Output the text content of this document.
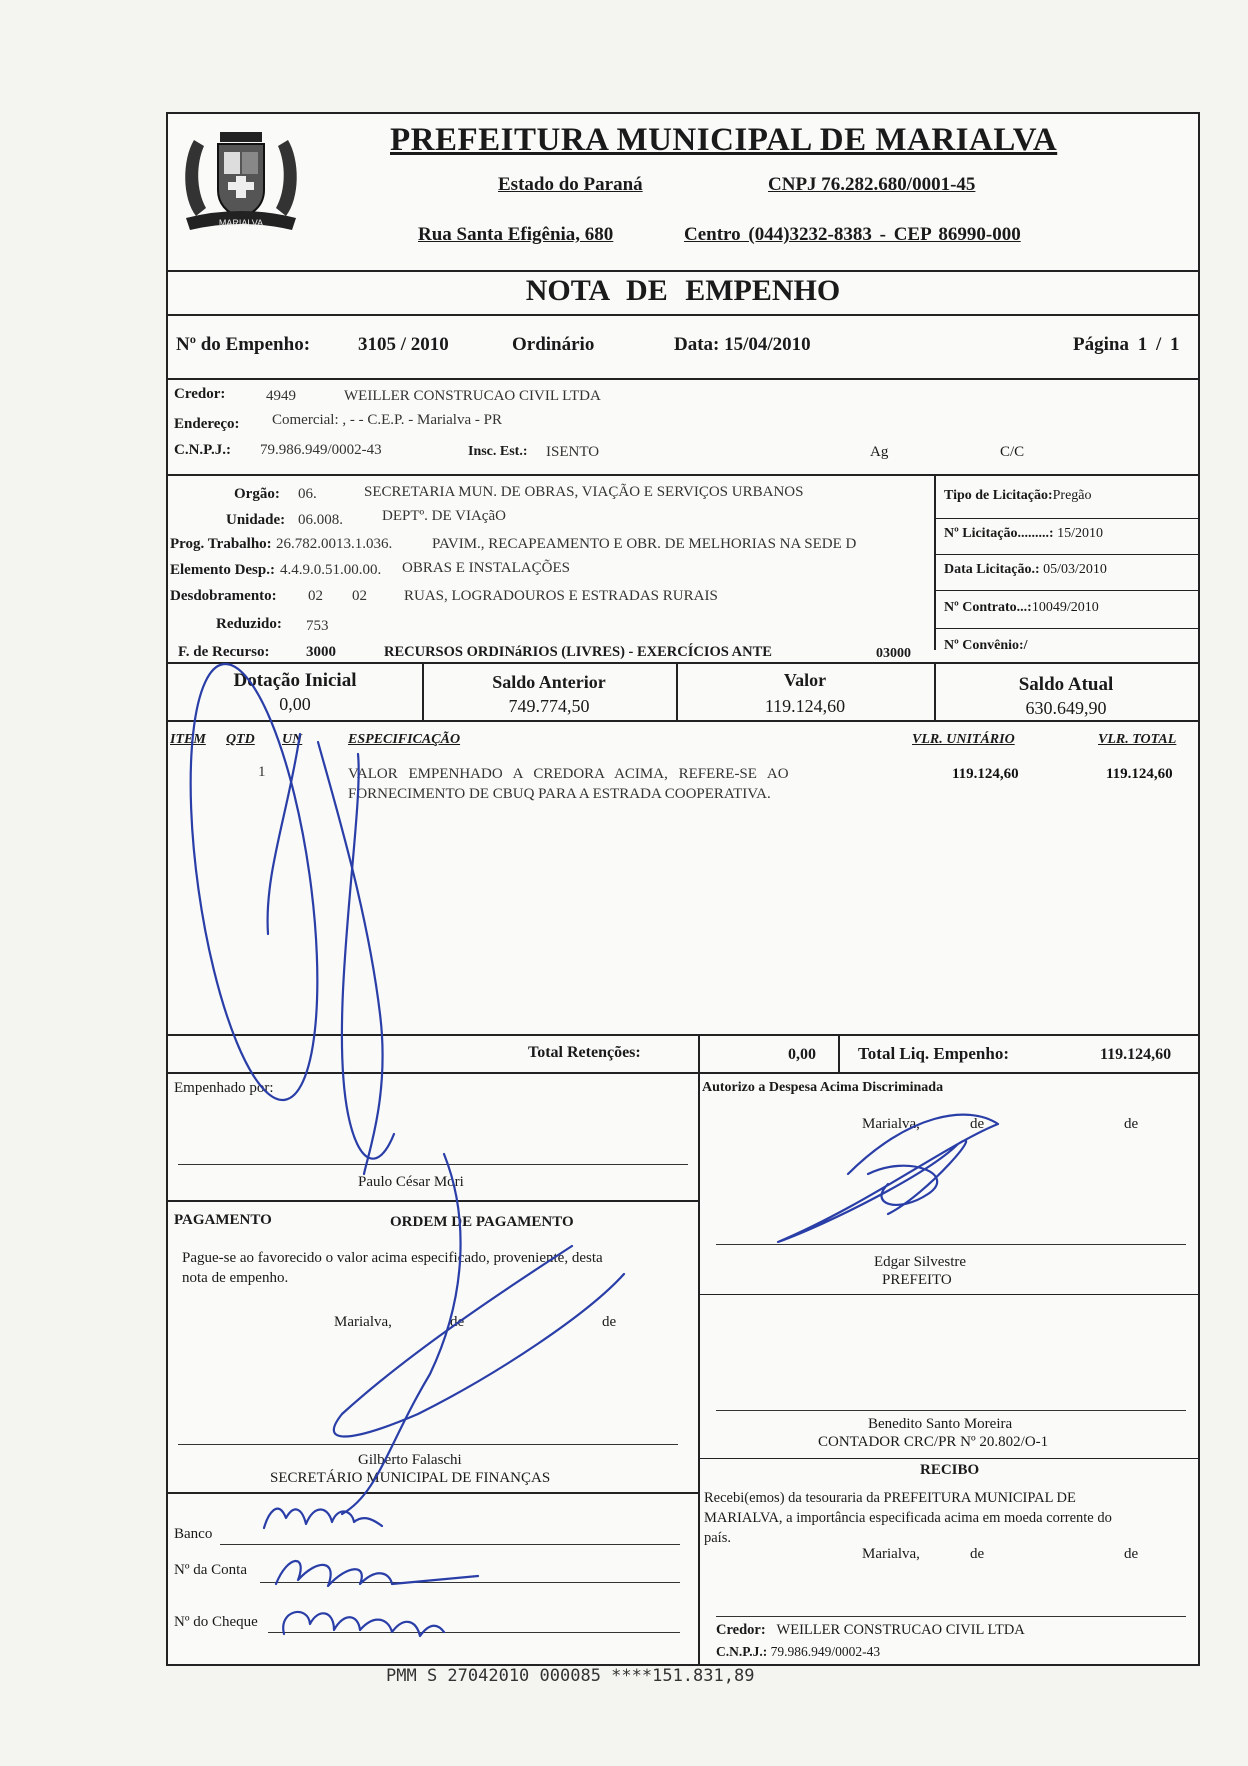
MARIALVA
PREFEITURA MUNICIPAL DE MARIALVA
Estado do Paraná	CNPJ 76.282.680/0001-45
Rua Santa Efigênia, 680	Centro (044)3232-8383 - CEP 86990-000
NOTA DE EMPENHO
Nº do Empenho:	3105 / 2010	Ordinário	Data: 15/04/2010	Página 1 / 1
Credor:	4949	WEILLER CONSTRUCAO CIVIL LTDA
Endereço: Comercial: , - - C.E.P. - Marialva - PR
C.N.P.J.: 79.986.949/0002-43	Insc. Est.: ISENTO	Ag	C/C
Orgão: 06.	SECRETARIA MUN. DE OBRAS, VIAÇÃO E SERVIÇOS URBANOS
Unidade: 06.008.	DEPTº. DE VIAçãO
Prog. Trabalho: 26.782.0013.1.036.	PAVIM., RECAPEAMENTO E OBR. DE MELHORIAS NA SEDE D
Elemento Desp.: 4.4.9.0.51.00.00. OBRAS E INSTALAÇÕES
Desdobramento: 02 02 RUAS, LOGRADOUROS E ESTRADAS RURAIS
Reduzido: 753
F. de Recurso: 3000	RECURSOS ORDINáRIOS (LIVRES) - EXERCÍCIOS ANTE	03000
Tipo de Licitação:Pregão
Nº Licitação.........: 15/2010
Data Licitação.: 05/03/2010
Nº Contrato...:10049/2010
Nº Convênio:/
Dotação Inicial
0,00
Saldo Anterior
749.774,50
Valor
119.124,60
Saldo Atual
630.649,90
ITEM QTD UN	ESPECIFICAÇÃO	VLR. UNITÁRIO	VLR. TOTAL
1	VALOR EMPENHADO A CREDORA ACIMA, REFERE-SE AO
FORNECIMENTO DE CBUQ PARA A ESTRADA COOPERATIVA.
119.124,60	119.124,60
Total Retenções:	0,00 Total Liq. Empenho:	119.124,60
Empenhado por:
Paulo César Mori
Autorizo a Despesa Acima Discriminada
Marialva,	de	de
Edgar Silvestre
PREFEITO
PAGAMENTO	ORDEM DE PAGAMENTO
Pague-se ao favorecido o valor acima especificado, proveniente, desta
nota de empenho.
Marialva,	de	de
Gilberto Falaschi
SECRETÁRIO MUNICIPAL DE FINANÇAS
Benedito Santo Moreira
CONTADOR CRC/PR Nº 20.802/O-1
RECIBO
Recebi(emos) da tesouraria da PREFEITURA MUNICIPAL DE
MARIALVA, a importância especificada acima em moeda corrente do
país.
Marialva,	de	de
Credor: WEILLER CONSTRUCAO CIVIL LTDA
C.N.P.J.: 79.986.949/0002-43
Banco
Nº da Conta
Nº do Cheque
PMM S 27042010 000085 ****151.831,89
